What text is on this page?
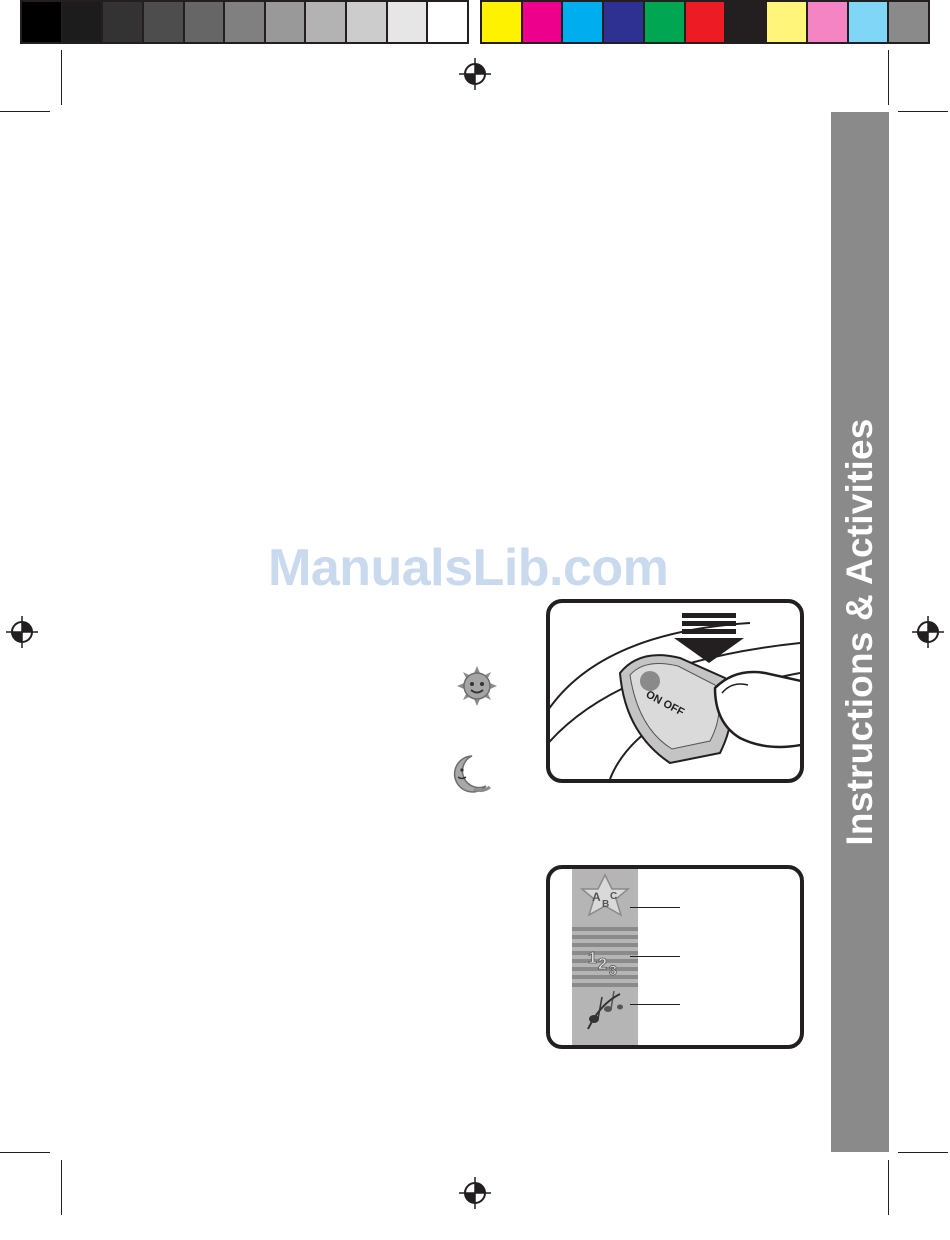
Instructions & Activities
ManualsLib.com
ON OFF
A
B
C
1 2 3
